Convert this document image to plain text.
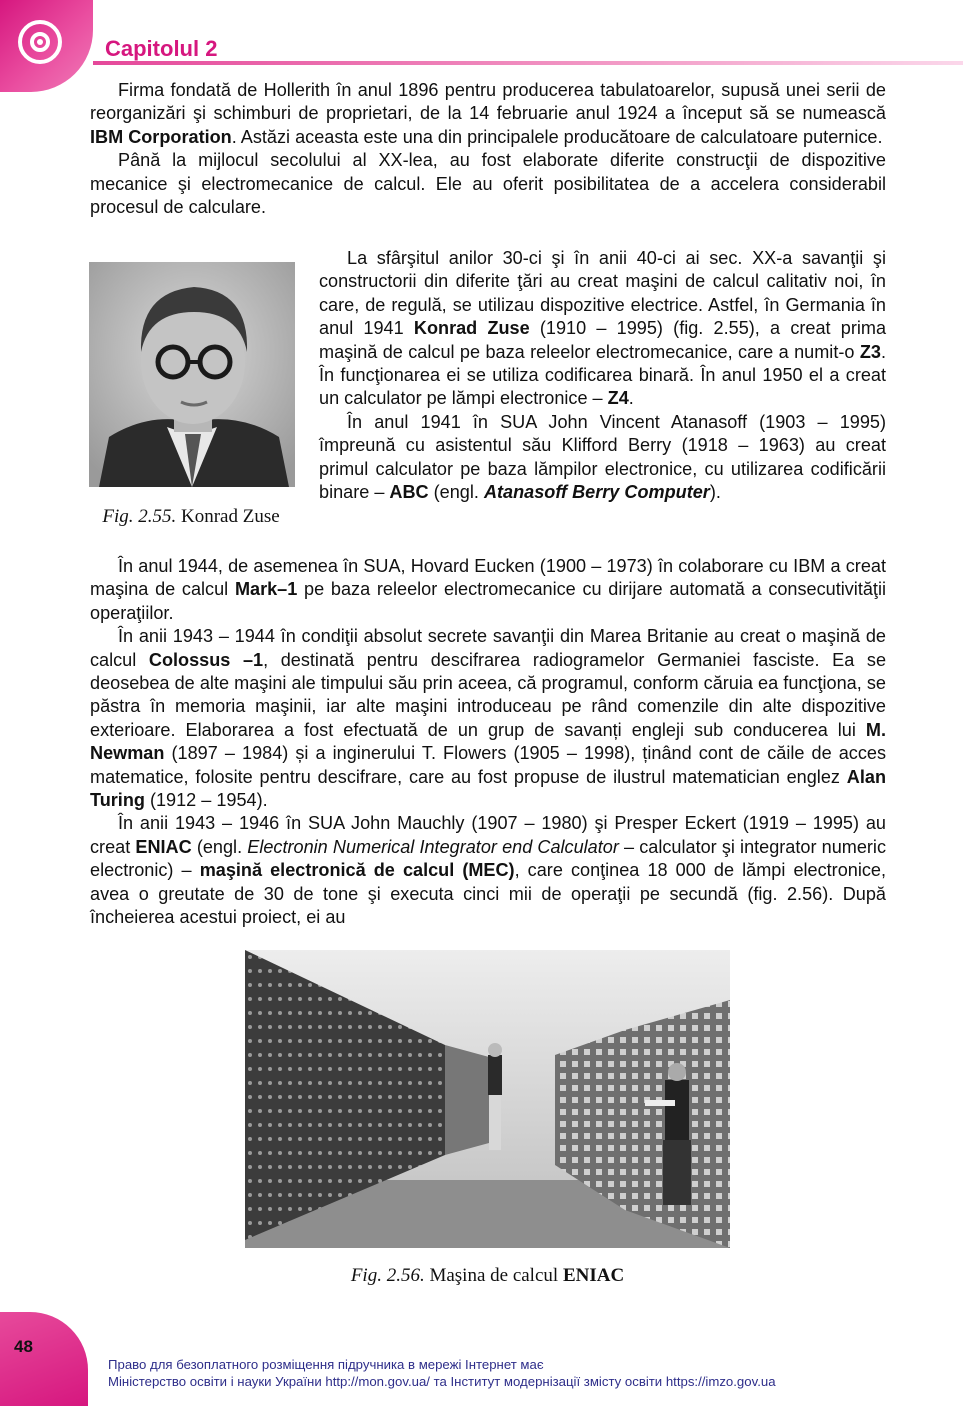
Capitolul 2

Firma fondată de Hollerith în anul 1896 pentru producerea tabulatoarelor, supusă unei serii de reorganizări şi schimburi de proprietari, de la 14 februarie anul 1924 a început să se numească IBM Corporation. Astăzi aceasta este una din principalele producătoare de calculatoare puternice.

Până la mijlocul secolului al XX-lea, au fost elaborate diferite construcţii de dispozitive mecanice şi electromecanice de calcul. Ele au oferit posibilitatea de a accelera considerabil procesul de calculare.

Fig. 2.55. Konrad Zuse

La sfârşitul anilor 30-ci şi în anii 40-ci ai sec. XX-a savanţii şi constructorii din diferite ţări au creat maşini de calcul calitativ noi, în care, de regulă, se utilizau dispozitive electrice. Astfel, în Germania în anul 1941 Konrad Zuse (1910 – 1995) (fig. 2.55), a creat prima maşină de calcul pe baza releelor electromecanice, care a numit-o Z3. În funcţionarea ei se utiliza codificarea binară. În anul 1950 el a creat un calculator pe lămpi electronice – Z4.

În anul 1941 în SUA John Vincent Atanasoff (1903 – 1995) împreună cu asistentul său Klifford Berry (1918 – 1963) au creat primul calculator pe baza lămpilor electronice, cu utilizarea codificării binare – ABC (engl. Atanasoff Berry Computer).

În anul 1944, de asemenea în SUA, Hovard Eucken (1900 – 1973) în colaborare cu IBM a creat maşina de calcul Mark–1 pe baza releelor electromecanice cu dirijare automată a consecutivităţii operaţiilor.

În anii 1943 – 1944 în condiţii absolut secrete savanţii din Marea Britanie au creat o maşină de calcul Colossus –1, destinată pentru descifrarea radiogramelor Germaniei fasciste. Ea se deosebea de alte maşini ale timpului său prin aceea, că programul, conform căruia ea funcţiona, se păstra în memoria maşinii, iar alte maşini introduceau pe rând comenzile din alte dispozitive exterioare. Elaborarea a fost efectuată de un grup de savanți engleji sub conducerea lui M. Newman (1897 – 1984) și a inginerului T. Flowers (1905 – 1998), ținând cont de căile de acces matematice, folosite pentru descifrare, care au fost propuse de ilustrul matematician englez Alan Turing (1912 – 1954).

În anii 1943 – 1946 în SUA John Mauchly (1907 – 1980) şi Presper Eckert (1919 – 1995) au creat ENIAC (engl. Electronin Numerical Integrator end Calculator – calculator şi integrator numeric electronic) – maşină electronică de calcul (MEC), care conţinea 18 000 de lămpi electronice, avea o greutate de 30 de tone şi executa cinci mii de operaţii pe secundă (fig. 2.56). După încheierea acestui proiect, ei au

Fig. 2.56. Maşina de calcul ENIAC
48
Право для безоплатного розміщення підручника в мережі Інтернет має
Міністерство освіти і науки України http://mon.gov.ua/ та Інститут модернізації змісту освіти https://imzo.gov.ua
